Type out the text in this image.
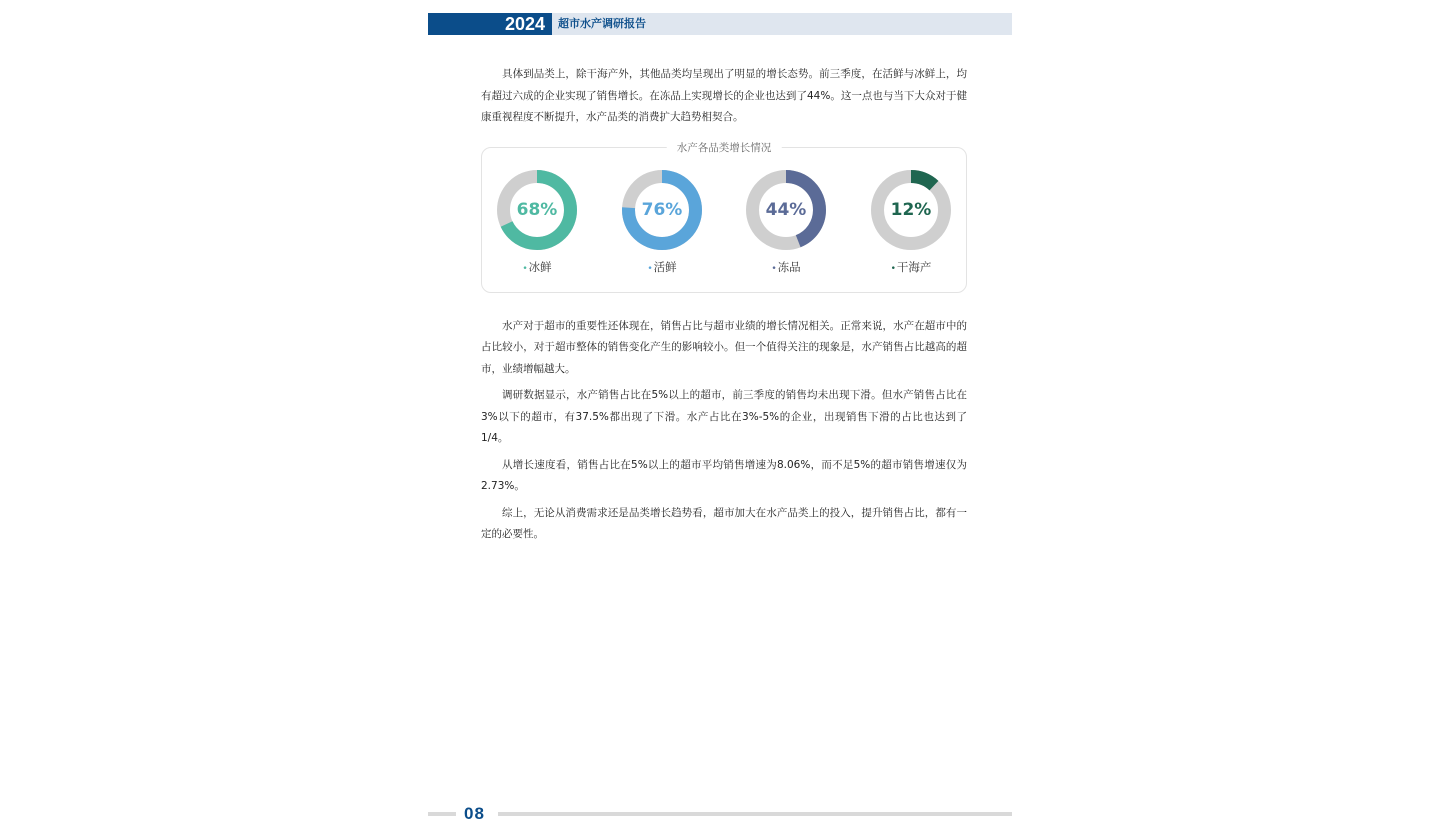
2024	超市水产调研报告

具体到品类上，除干海产外，其他品类均呈现出了明显的增长态势。前三季度，在活鲜与冰鲜上，均有超过六成的企业实现了销售增长。在冻品上实现增长的企业也达到了44%。这一点也与当下大众对于健康重视程度不断提升，水产品类的消费扩大趋势相契合。

水产各品类增长情况
68%
•冰鲜
76%
•活鲜
44%
•冻品
12%
•干海产

水产对于超市的重要性还体现在，销售占比与超市业绩的增长情况相关。正常来说，水产在超市中的占比较小，对于超市整体的销售变化产生的影响较小。但一个值得关注的现象是，水产销售占比越高的超市，业绩增幅越大。

调研数据显示，水产销售占比在5%以上的超市，前三季度的销售均未出现下滑。但水产销售占比在3%以下的超市，有37.5%都出现了下滑。水产占比在3%-5%的企业，出现销售下滑的占比也达到了1/4。

从增长速度看，销售占比在5%以上的超市平均销售增速为8.06%，而不足5%的超市销售增速仅为2.73%。

综上，无论从消费需求还是品类增长趋势看，超市加大在水产品类上的投入，提升销售占比，都有一定的必要性。

08
